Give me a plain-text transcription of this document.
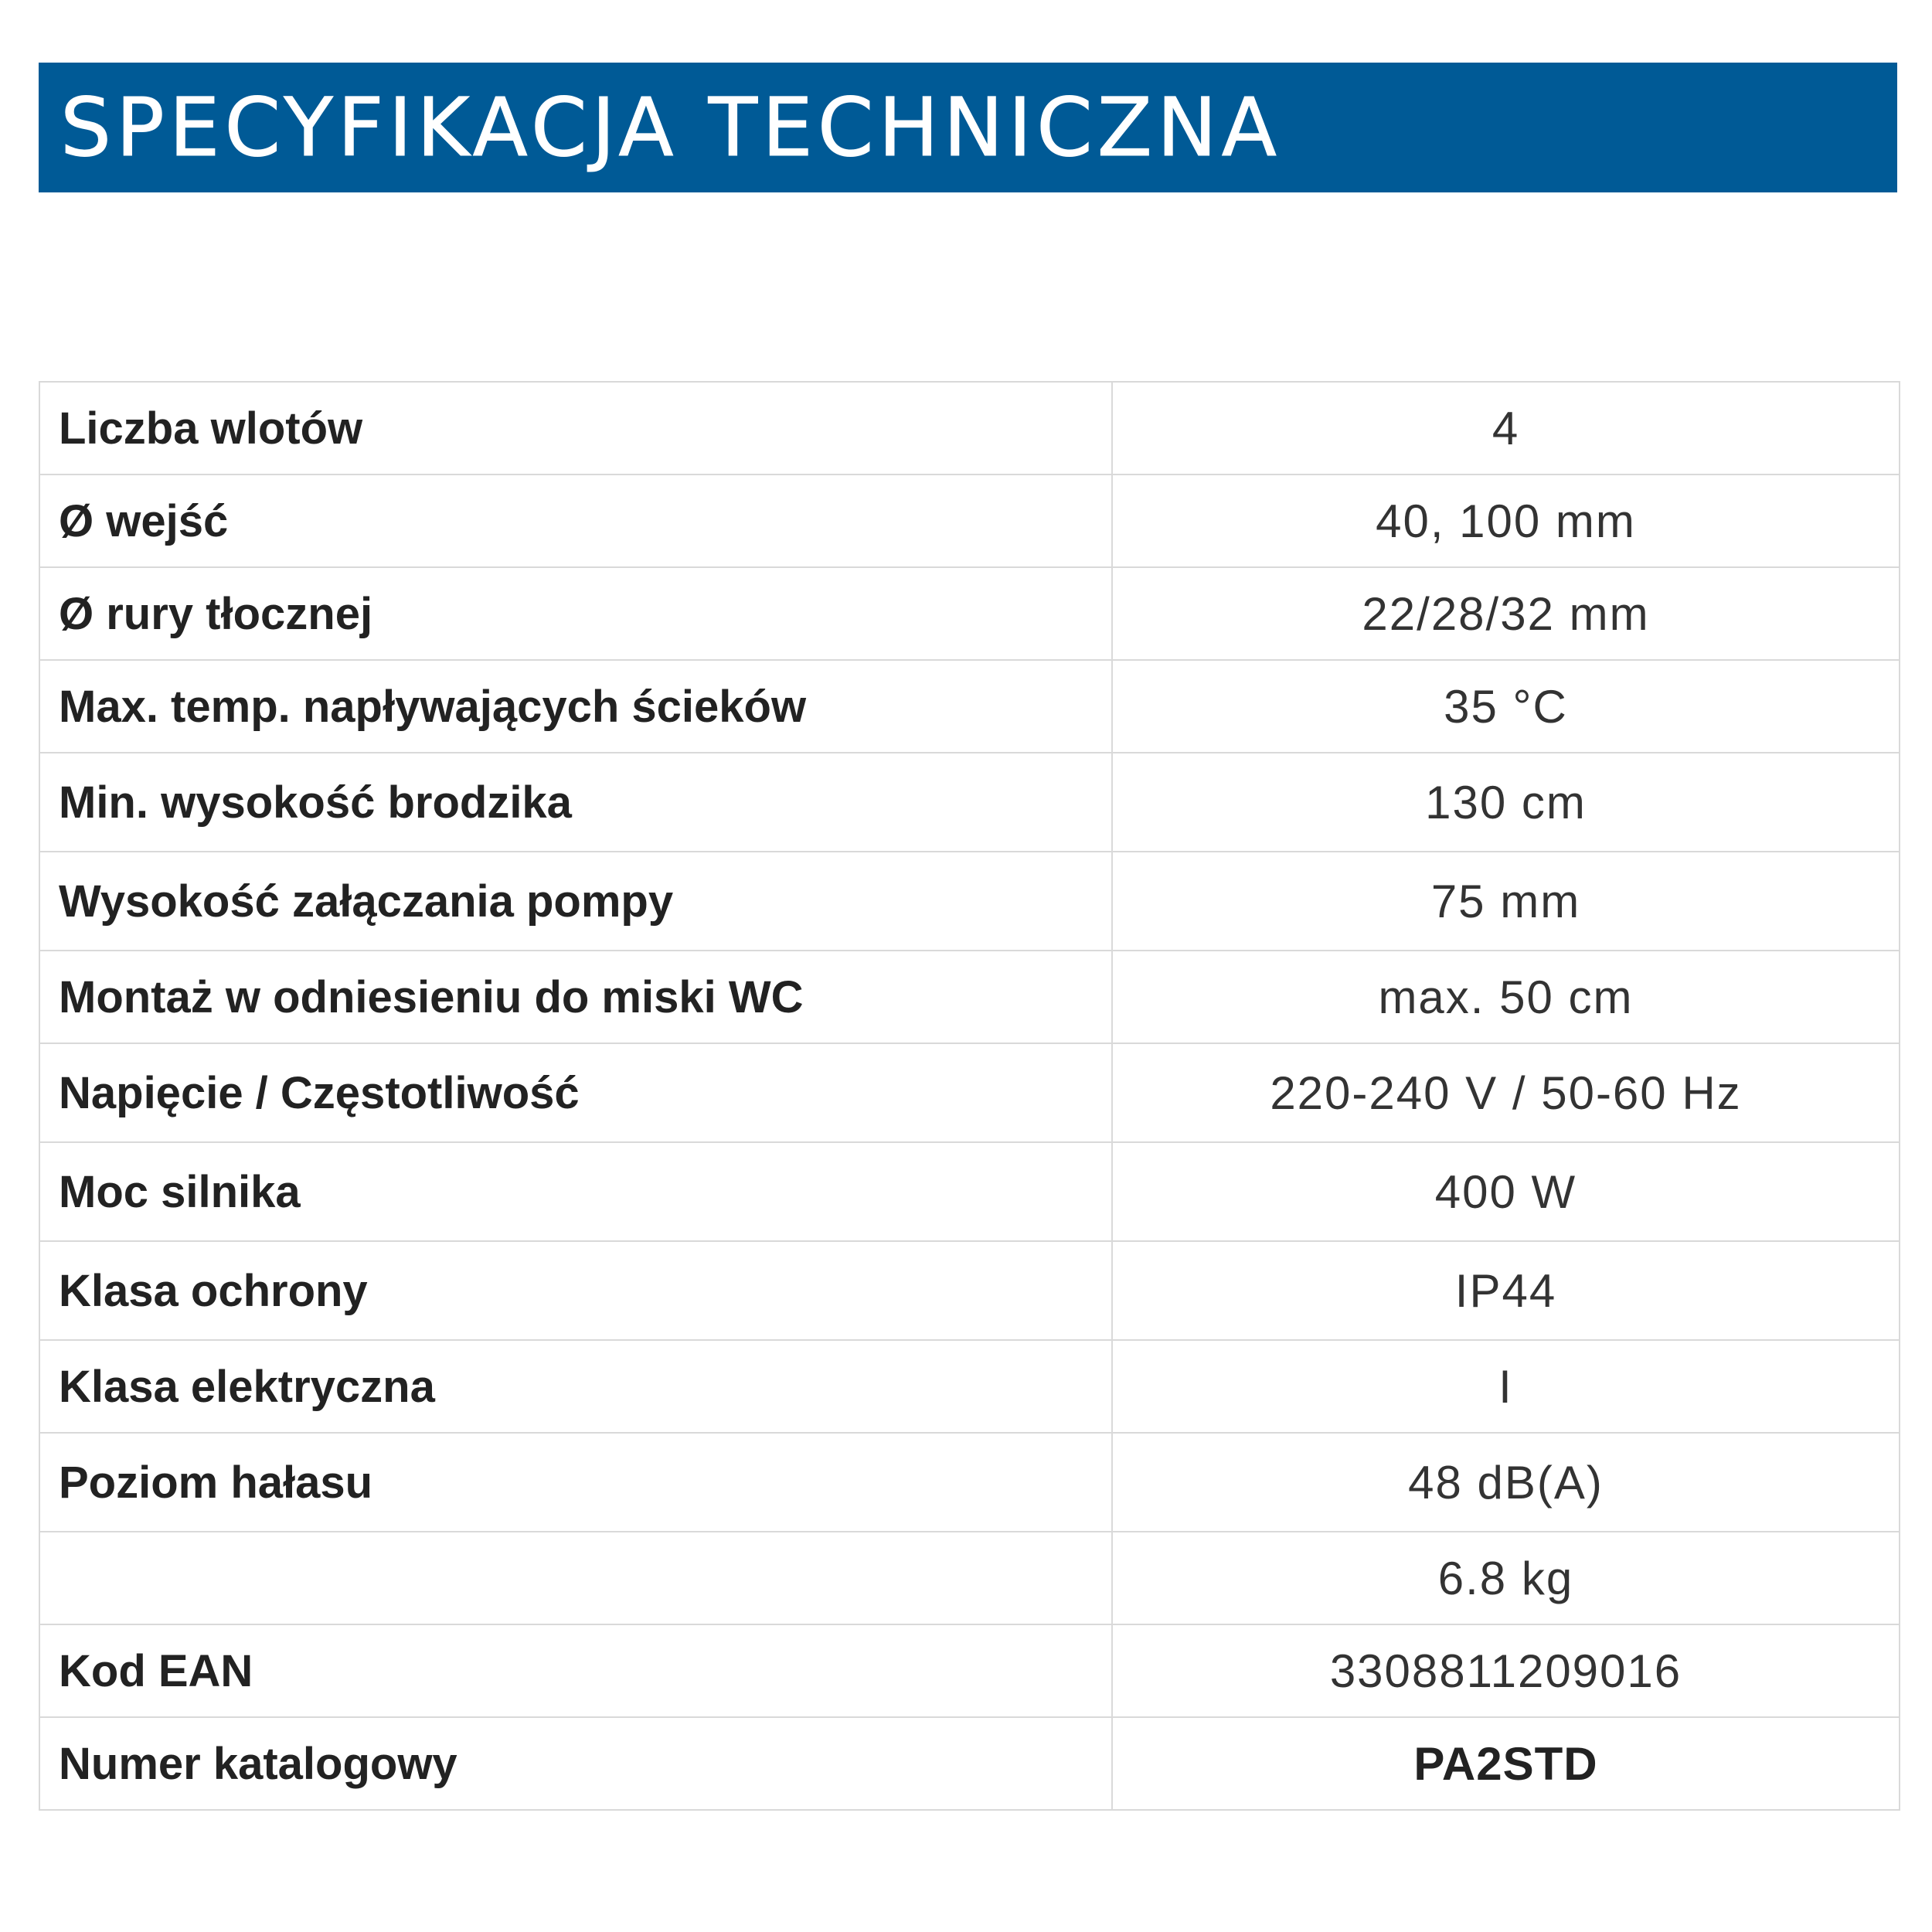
SPECYFIKACJA TECHNICZNA
Liczba wlotów	4
Ø wejść	40, 100 mm
Ø rury tłocznej	22/28/32 mm
Max. temp. napływających ścieków	35 °C
Min. wysokość brodzika	130 cm
Wysokość załączania pompy	75 mm
Montaż w odniesieniu do miski WC	max. 50 cm
Napięcie / Częstotliwość	220-240 V / 50-60 Hz
Moc silnika	400 W
Klasa ochrony	IP44
Klasa elektryczna	I
Poziom hałasu	48 dB(A)
	6.8 kg
Kod EAN	3308811209016
Numer katalogowy	PA2STD
